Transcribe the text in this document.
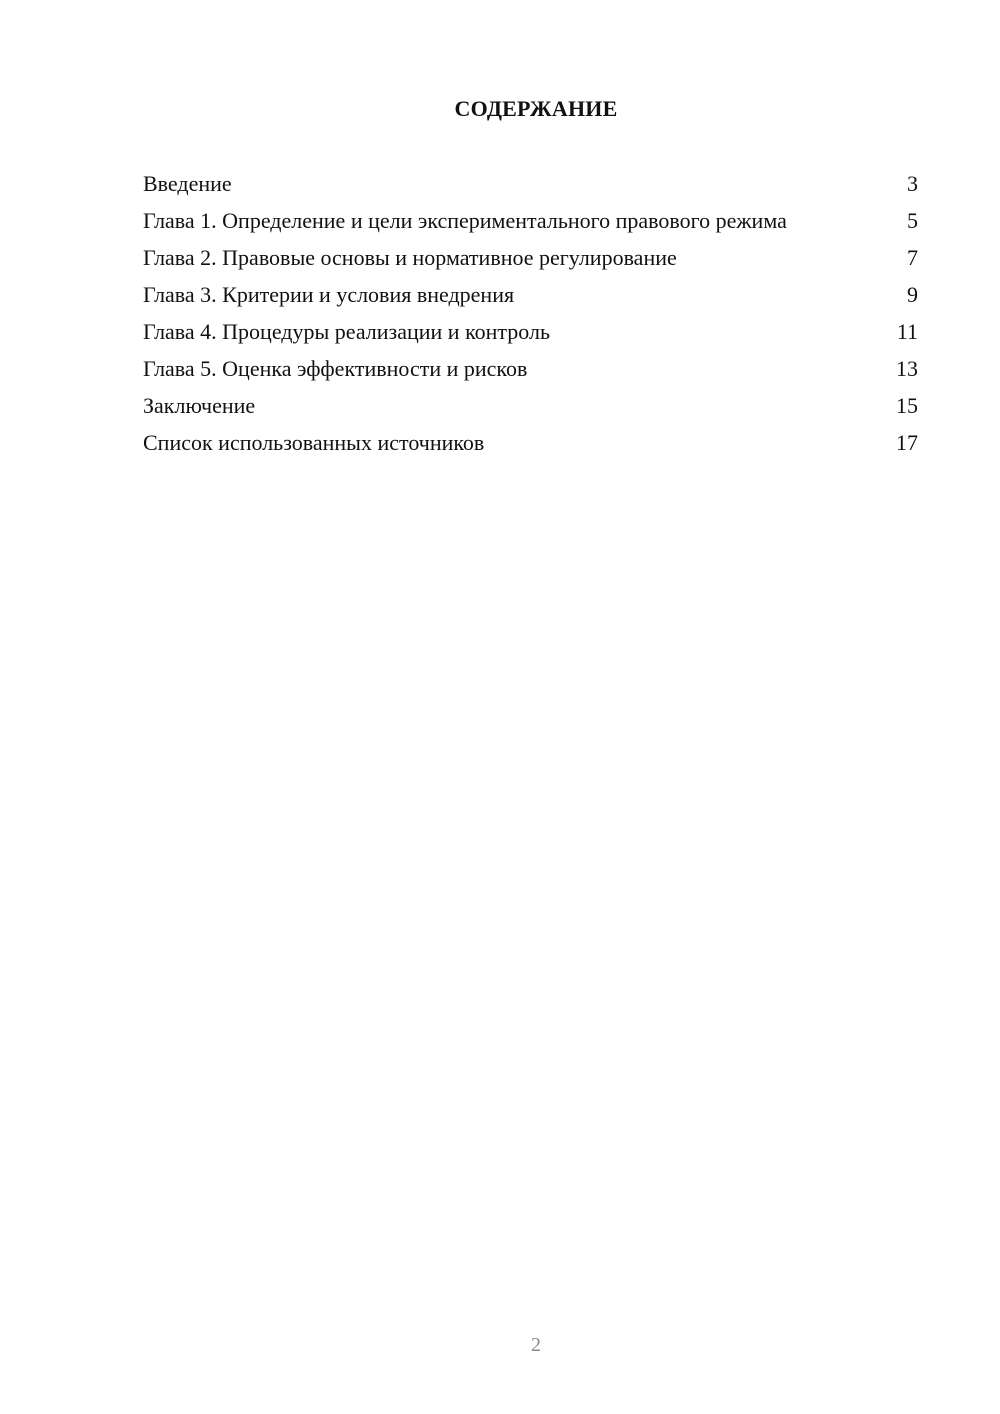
СОДЕРЖАНИЕ
Введение	3
Глава 1. Определение и цели экспериментального правового режима	5
Глава 2. Правовые основы и нормативное регулирование	7
Глава 3. Критерии и условия внедрения	9
Глава 4. Процедуры реализации и контроль	11
Глава 5. Оценка эффективности и рисков	13
Заключение	15
Список использованных источников	17
2
